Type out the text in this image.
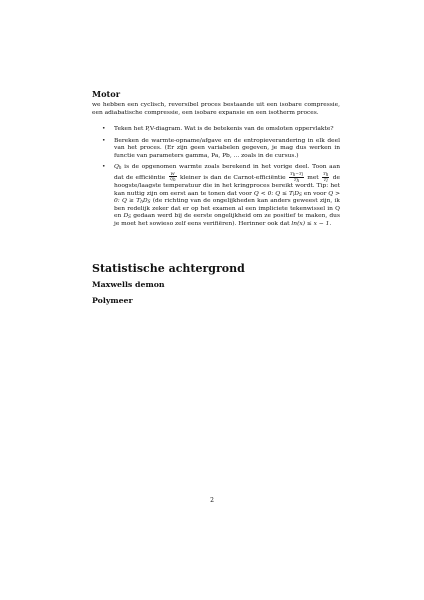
Motor
we hebben een cyclisch, reversibel proces bestaande uit een isobare compressie, een adiabatische compressie, een isobare expansie en een isotherm proces.
• Teken het P,V-diagram. Wat is de betekenis van de omsloten oppervlakte?
• Bereken de warmte-opname/afgave en de entropieverandering in elk deel van het proces. (Er zijn geen variabelen gegeven, je mag dus werken in functie van parameters gamma, Pa, Pb, ... zoals in de cursus.)
• $Q_h$ is de opgenomen warmte zoals berekend in het vorige deel. Toon aan dat de efficiëntie $\frac{W}{Qh}$ kleiner is dan de Carnot-efficiëntie $\frac{Th-Tl}{Th}$ met $\frac{Th}{Tl}$ de hoogste/laagste temperatuur die in het kringproces bereikt wordt. Tip: het kan nuttig zijn om eerst aan te tonen dat voor Q < 0: $Q \le T_lD_S$ en voor Q > 0: $Q \ge T_hD_S$ (de richting van de ongelijkheden kan anders geweest zijn, ik ben redelijk zeker dat er op het examen al een impliciete tekenwissel in Q en $D_S$ gedaan werd bij de eerste ongelijkheid om ze positief te maken, dus je moet het sowieso zelf eens verifiëren). Herinner ook dat ln(x) ≤ x − 1.
Statistische achtergrond
Maxwells demon
Polymeer
2
